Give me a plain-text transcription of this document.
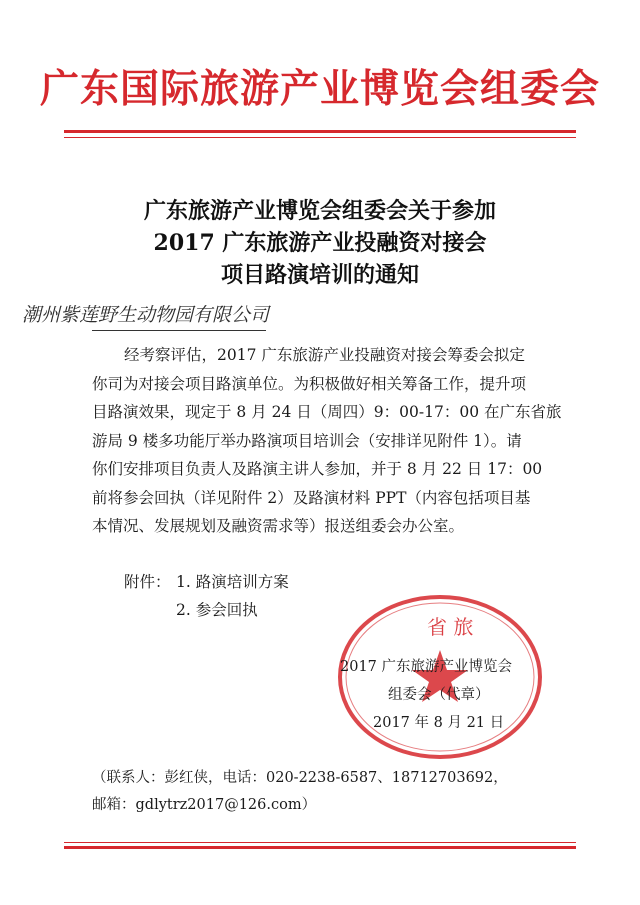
广东国际旅游产业博览会组委会
广东旅游产业博览会组委会关于参加
2017 广东旅游产业投融资对接会
项目路演培训的通知
潮州紫莲野生动物园有限公司
经考察评估，2017 广东旅游产业投融资对接会筹委会拟定
你司为对接会项目路演单位。为积极做好相关筹备工作，提升项
目路演效果，现定于 8 月 24 日（周四）9：00-17：00 在广东省旅
游局 9 楼多功能厅举办路演项目培训会（安排详见附件 1）。请
你们安排项目负责人及路演主讲人参加，并于 8 月 22 日 17：00
前将参会回执（详见附件 2）及路演材料 PPT（内容包括项目基
本情况、发展规划及融资需求等）报送组委会办公室。
附件： 1. 路演培训方案
2. 参会回执
省 旅
2017 广东旅游产业博览会
组委会（代章）
2017 年 8 月 21 日
（联系人：彭红侠，电话：020-2238-6587、18712703692，
邮箱：gdlytrz2017@126.com）
